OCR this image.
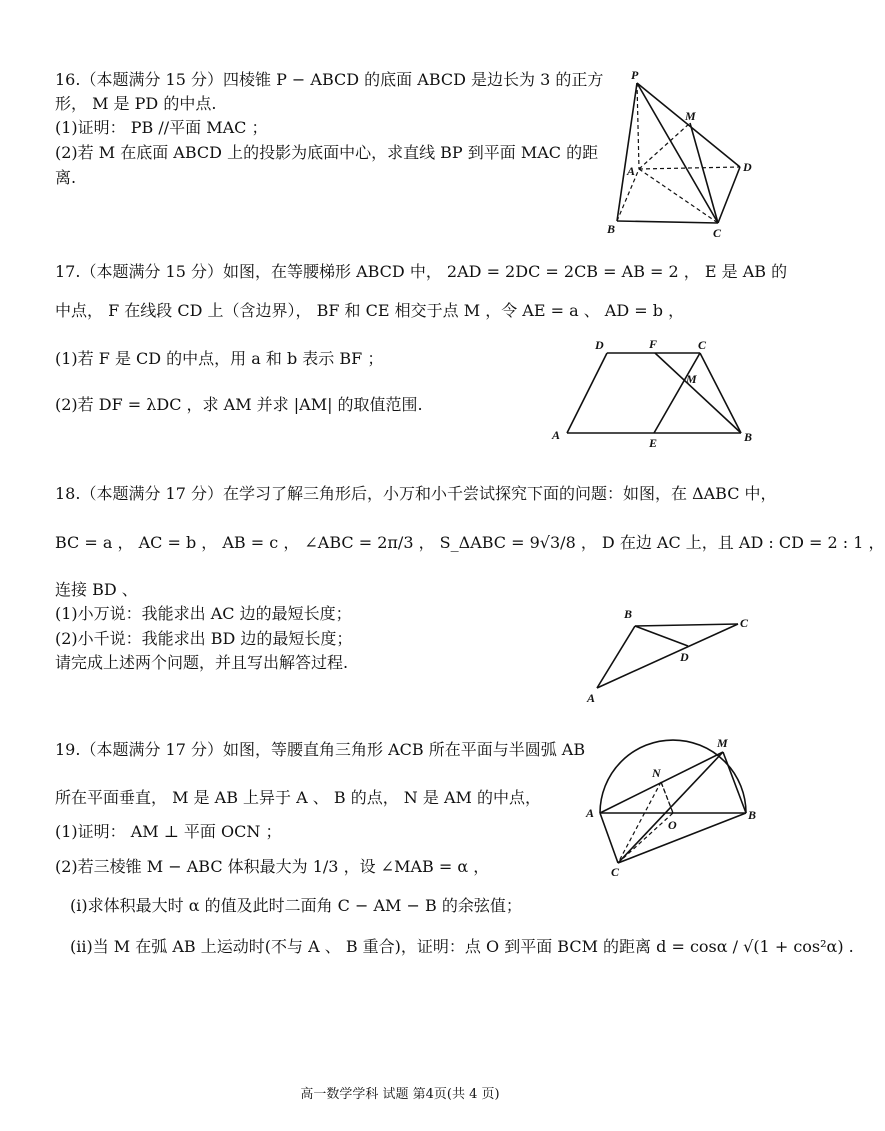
16.（本题满分 15 分）四棱锥 P − ABCD 的底面 ABCD 是边长为 3 的正方
形， M 是 PD 的中点.
(1)证明： PB //平面 MAC ；
(2)若 M 在底面 ABCD 上的投影为底面中心，求直线 BP 到平面 MAC 的距
离.
P
M
A
B	C
D
17.（本题满分 15 分）如图，在等腰梯形 ABCD 中， 2AD = 2DC = 2CB = AB = 2 ， E 是 AB 的
中点， F 在线段 CD 上（含边界）， BF 和 CE 相交于点 M ，令 AE = a 、 AD = b ，
(1)若 F 是 CD 的中点，用 a 和 b 表示 BF ；
(2)若 DF = λDC ，求 AM 并求 |AM| 的取值范围.
D	F	C
M
A
E	B
18.（本题满分 17 分）在学习了解三角形后，小万和小千尝试探究下面的问题：如图，在 ΔABC 中，
BC = a ， AC = b ， AB = c ， ∠ABC = 2π/3 ， S_ΔABC = 9√3/8 ， D 在边 AC 上，且 AD : CD = 2 : 1 ，
连接 BD 、
(1)小万说：我能求出 AC 边的最短长度；
(2)小千说：我能求出 BD 边的最短长度；
请完成上述两个问题，并且写出解答过程.
B
C
D
A
19.（本题满分 17 分）如图，等腰直角三角形 ACB 所在平面与半圆弧 AB
所在平面垂直， M 是 AB 上异于 A 、 B 的点， N 是 AM 的中点，
(1)证明： AM ⊥ 平面 OCN ；
(2)若三棱锥 M − ABC 体积最大为 1/3 ，设 ∠MAB = α ，
(i)求体积最大时 α 的值及此时二面角 C − AM − B 的余弦值；
(ii)当 M 在弧 AB 上运动时(不与 A 、 B 重合)，证明：点 O 到平面 BCM 的距离 d = cosα / √(1 + cos²α) .
M
N
A
O
B
C
高一数学学科 试题 第4页(共 4 页)
